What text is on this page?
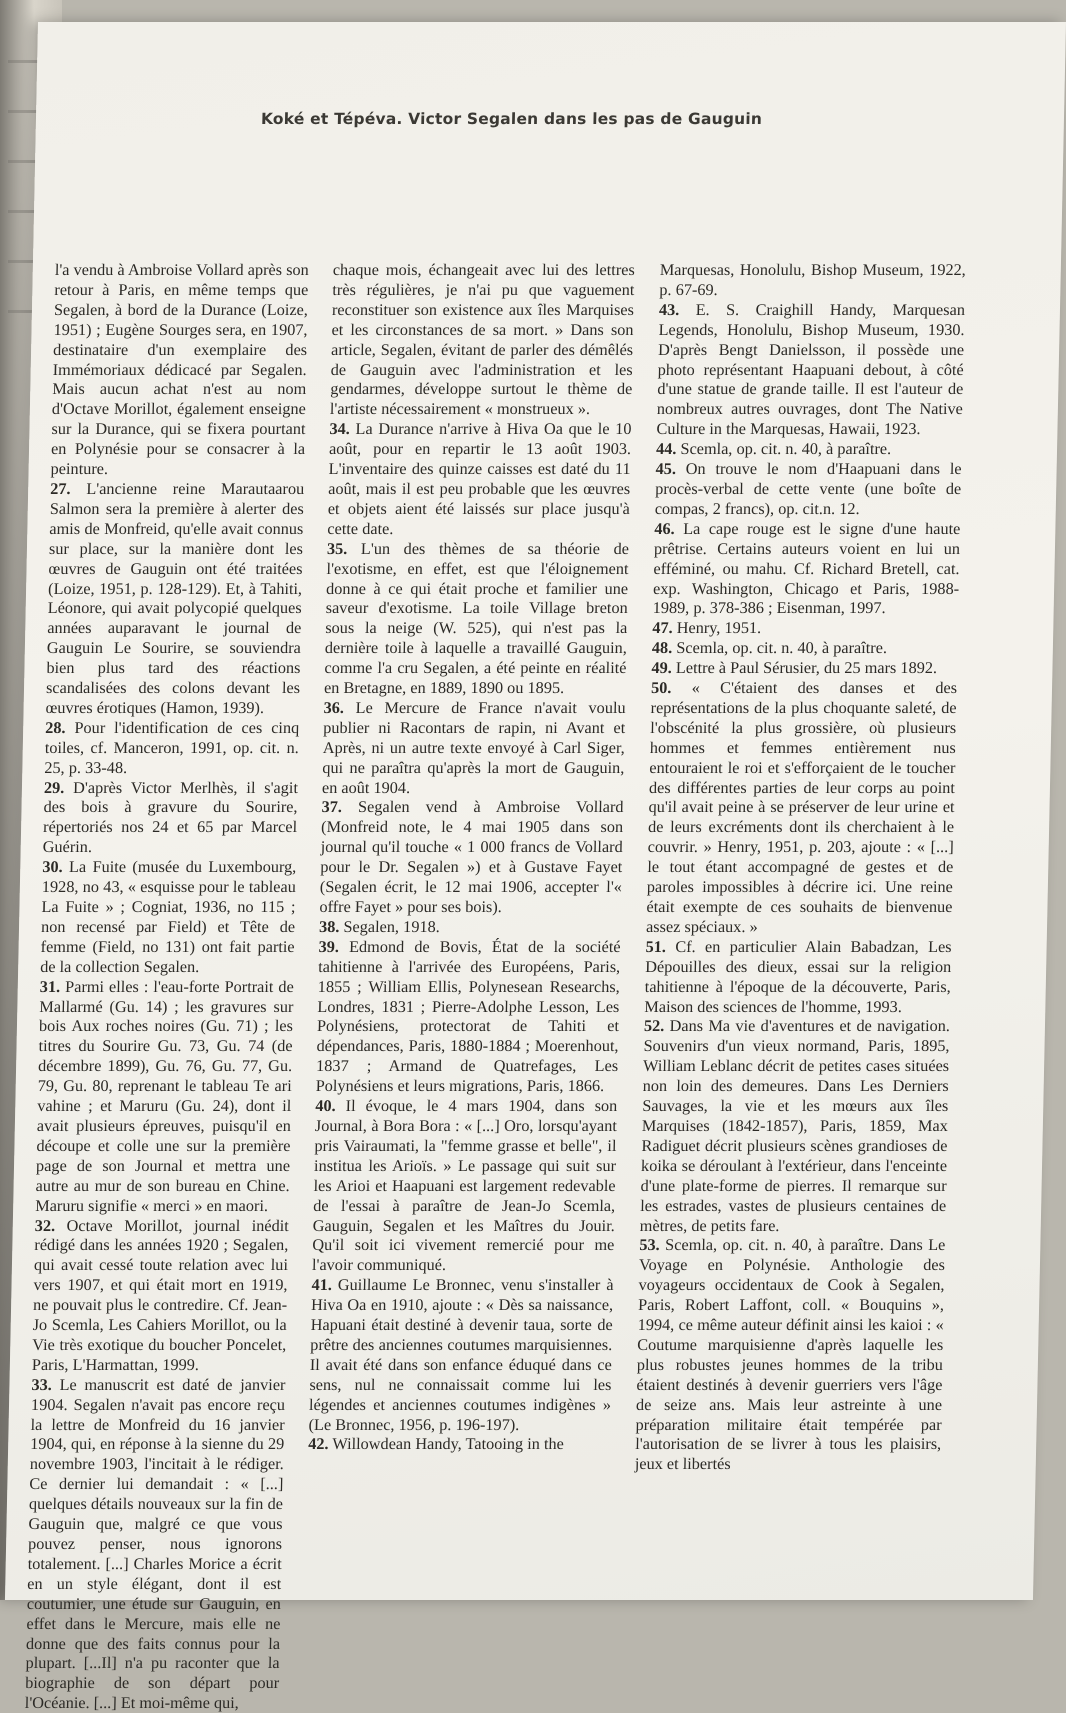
Koké et Tépéva. Victor Segalen dans les pas de Gauguin

l'a vendu à Ambroise Vollard après son retour à Paris, en même temps que Segalen, à bord de la Durance (Loize, 1951) ; Eugène Sourges sera, en 1907, destinataire d'un exemplaire des Immémoriaux dédicacé par Segalen. Mais aucun achat n'est au nom d'Octave Morillot, également enseigne sur la Durance, qui se fixera pourtant en Polynésie pour se consacrer à la peinture.

27. L'ancienne reine Marautaarou Salmon sera la première à alerter des amis de Monfreid, qu'elle avait connus sur place, sur la manière dont les œuvres de Gauguin ont été traitées (Loize, 1951, p. 128-129). Et, à Tahiti, Léonore, qui avait polycopié quelques années auparavant le journal de Gauguin Le Sourire, se souviendra bien plus tard des réactions scandalisées des colons devant les œuvres érotiques (Hamon, 1939).

28. Pour l'identification de ces cinq toiles, cf. Manceron, 1991, op. cit. n. 25, p. 33-48.

29. D'après Victor Merlhès, il s'agit des bois à gravure du Sourire, répertoriés nos 24 et 65 par Marcel Guérin.

30. La Fuite (musée du Luxembourg, 1928, no 43, « esquisse pour le tableau La Fuite » ; Cogniat, 1936, no 115 ; non recensé par Field) et Tête de femme (Field, no 131) ont fait partie de la collection Segalen.

31. Parmi elles : l'eau-forte Portrait de Mallarmé (Gu. 14) ; les gravures sur bois Aux roches noires (Gu. 71) ; les titres du Sourire Gu. 73, Gu. 74 (de décembre 1899), Gu. 76, Gu. 77, Gu. 79, Gu. 80, reprenant le tableau Te ari vahine ; et Maruru (Gu. 24), dont il avait plusieurs épreuves, puisqu'il en découpe et colle une sur la première page de son Journal et mettra une autre au mur de son bureau en Chine. Maruru signifie « merci » en maori.

32. Octave Morillot, journal inédit rédigé dans les années 1920 ; Segalen, qui avait cessé toute relation avec lui vers 1907, et qui était mort en 1919, ne pouvait plus le contredire. Cf. Jean-Jo Scemla, Les Cahiers Morillot, ou la Vie très exotique du boucher Poncelet, Paris, L'Harmattan, 1999.

33. Le manuscrit est daté de janvier 1904. Segalen n'avait pas encore reçu la lettre de Monfreid du 16 janvier 1904, qui, en réponse à la sienne du 29 novembre 1903, l'incitait à le rédiger. Ce dernier lui demandait : « [...] quelques détails nouveaux sur la fin de Gauguin que, malgré ce que vous pouvez penser, nous ignorons totalement. [...] Charles Morice a écrit en un style élégant, dont il est coutumier, une étude sur Gauguin, en effet dans le Mercure, mais elle ne donne que des faits connus pour la plupart. [...Il] n'a pu raconter que la biographie de son départ pour l'Océanie. [...] Et moi-même qui,

chaque mois, échangeait avec lui des lettres très régulières, je n'ai pu que vaguement reconstituer son existence aux îles Marquises et les circonstances de sa mort. » Dans son article, Segalen, évitant de parler des démêlés de Gauguin avec l'administration et les gendarmes, développe surtout le thème de l'artiste nécessairement « monstrueux ».

34. La Durance n'arrive à Hiva Oa que le 10 août, pour en repartir le 13 août 1903. L'inventaire des quinze caisses est daté du 11 août, mais il est peu probable que les œuvres et objets aient été laissés sur place jusqu'à cette date.

35. L'un des thèmes de sa théorie de l'exotisme, en effet, est que l'éloignement donne à ce qui était proche et familier une saveur d'exotisme. La toile Village breton sous la neige (W. 525), qui n'est pas la dernière toile à laquelle a travaillé Gauguin, comme l'a cru Segalen, a été peinte en réalité en Bretagne, en 1889, 1890 ou 1895.

36. Le Mercure de France n'avait voulu publier ni Racontars de rapin, ni Avant et Après, ni un autre texte envoyé à Carl Siger, qui ne paraîtra qu'après la mort de Gauguin, en août 1904.

37. Segalen vend à Ambroise Vollard (Monfreid note, le 4 mai 1905 dans son journal qu'il touche « 1 000 francs de Vollard pour le Dr. Segalen ») et à Gustave Fayet (Segalen écrit, le 12 mai 1906, accepter l'« offre Fayet » pour ses bois).

38. Segalen, 1918.

39. Edmond de Bovis, État de la société tahitienne à l'arrivée des Européens, Paris, 1855 ; William Ellis, Polynesean Researchs, Londres, 1831 ; Pierre-Adolphe Lesson, Les Polynésiens, protectorat de Tahiti et dépendances, Paris, 1880-1884 ; Moerenhout, 1837 ; Armand de Quatrefages, Les Polynésiens et leurs migrations, Paris, 1866.

40. Il évoque, le 4 mars 1904, dans son Journal, à Bora Bora : « [...] Oro, lorsqu'ayant pris Vairaumati, la "femme grasse et belle", il institua les Arioïs. » Le passage qui suit sur les Arioi et Haapuani est largement redevable de l'essai à paraître de Jean-Jo Scemla, Gauguin, Segalen et les Maîtres du Jouir. Qu'il soit ici vivement remercié pour me l'avoir communiqué.

41. Guillaume Le Bronnec, venu s'installer à Hiva Oa en 1910, ajoute : « Dès sa naissance, Hapuani était destiné à devenir taua, sorte de prêtre des anciennes coutumes marquisiennes. Il avait été dans son enfance éduqué dans ce sens, nul ne connaissait comme lui les légendes et anciennes coutumes indigènes » (Le Bronnec, 1956, p. 196-197).

42. Willowdean Handy, Tatooing in the

Marquesas, Honolulu, Bishop Museum, 1922, p. 67-69.

43. E. S. Craighill Handy, Marquesan Legends, Honolulu, Bishop Museum, 1930. D'après Bengt Danielsson, il possède une photo représentant Haapuani debout, à côté d'une statue de grande taille. Il est l'auteur de nombreux autres ouvrages, dont The Native Culture in the Marquesas, Hawaii, 1923.

44. Scemla, op. cit. n. 40, à paraître.

45. On trouve le nom d'Haapuani dans le procès-verbal de cette vente (une boîte de compas, 2 francs), op. cit.n. 12.

46. La cape rouge est le signe d'une haute prêtrise. Certains auteurs voient en lui un efféminé, ou mahu. Cf. Richard Bretell, cat. exp. Washington, Chicago et Paris, 1988-1989, p. 378-386 ; Eisenman, 1997.

47. Henry, 1951.

48. Scemla, op. cit. n. 40, à paraître.

49. Lettre à Paul Sérusier, du 25 mars 1892.

50. « C'étaient des danses et des représentations de la plus choquante saleté, de l'obscénité la plus grossière, où plusieurs hommes et femmes entièrement nus entouraient le roi et s'efforçaient de le toucher des différentes parties de leur corps au point qu'il avait peine à se préserver de leur urine et de leurs excréments dont ils cherchaient à le couvrir. » Henry, 1951, p. 203, ajoute : « [...] le tout étant accompagné de gestes et de paroles impossibles à décrire ici. Une reine était exempte de ces souhaits de bienvenue assez spéciaux. »

51. Cf. en particulier Alain Babadzan, Les Dépouilles des dieux, essai sur la religion tahitienne à l'époque de la découverte, Paris, Maison des sciences de l'homme, 1993.

52. Dans Ma vie d'aventures et de navigation. Souvenirs d'un vieux normand, Paris, 1895, William Leblanc décrit de petites cases situées non loin des demeures. Dans Les Derniers Sauvages, la vie et les mœurs aux îles Marquises (1842-1857), Paris, 1859, Max Radiguet décrit plusieurs scènes grandioses de koika se déroulant à l'extérieur, dans l'enceinte d'une plate-forme de pierres. Il remarque sur les estrades, vastes de plusieurs centaines de mètres, de petits fare.

53. Scemla, op. cit. n. 40, à paraître. Dans Le Voyage en Polynésie. Anthologie des voyageurs occidentaux de Cook à Segalen, Paris, Robert Laffont, coll. « Bouquins », 1994, ce même auteur définit ainsi les kaioi : « Coutume marquisienne d'après laquelle les plus robustes jeunes hommes de la tribu étaient destinés à devenir guerriers vers l'âge de seize ans. Mais leur astreinte à une préparation militaire était tempérée par l'autorisation de se livrer à tous les plaisirs, jeux et libertés
